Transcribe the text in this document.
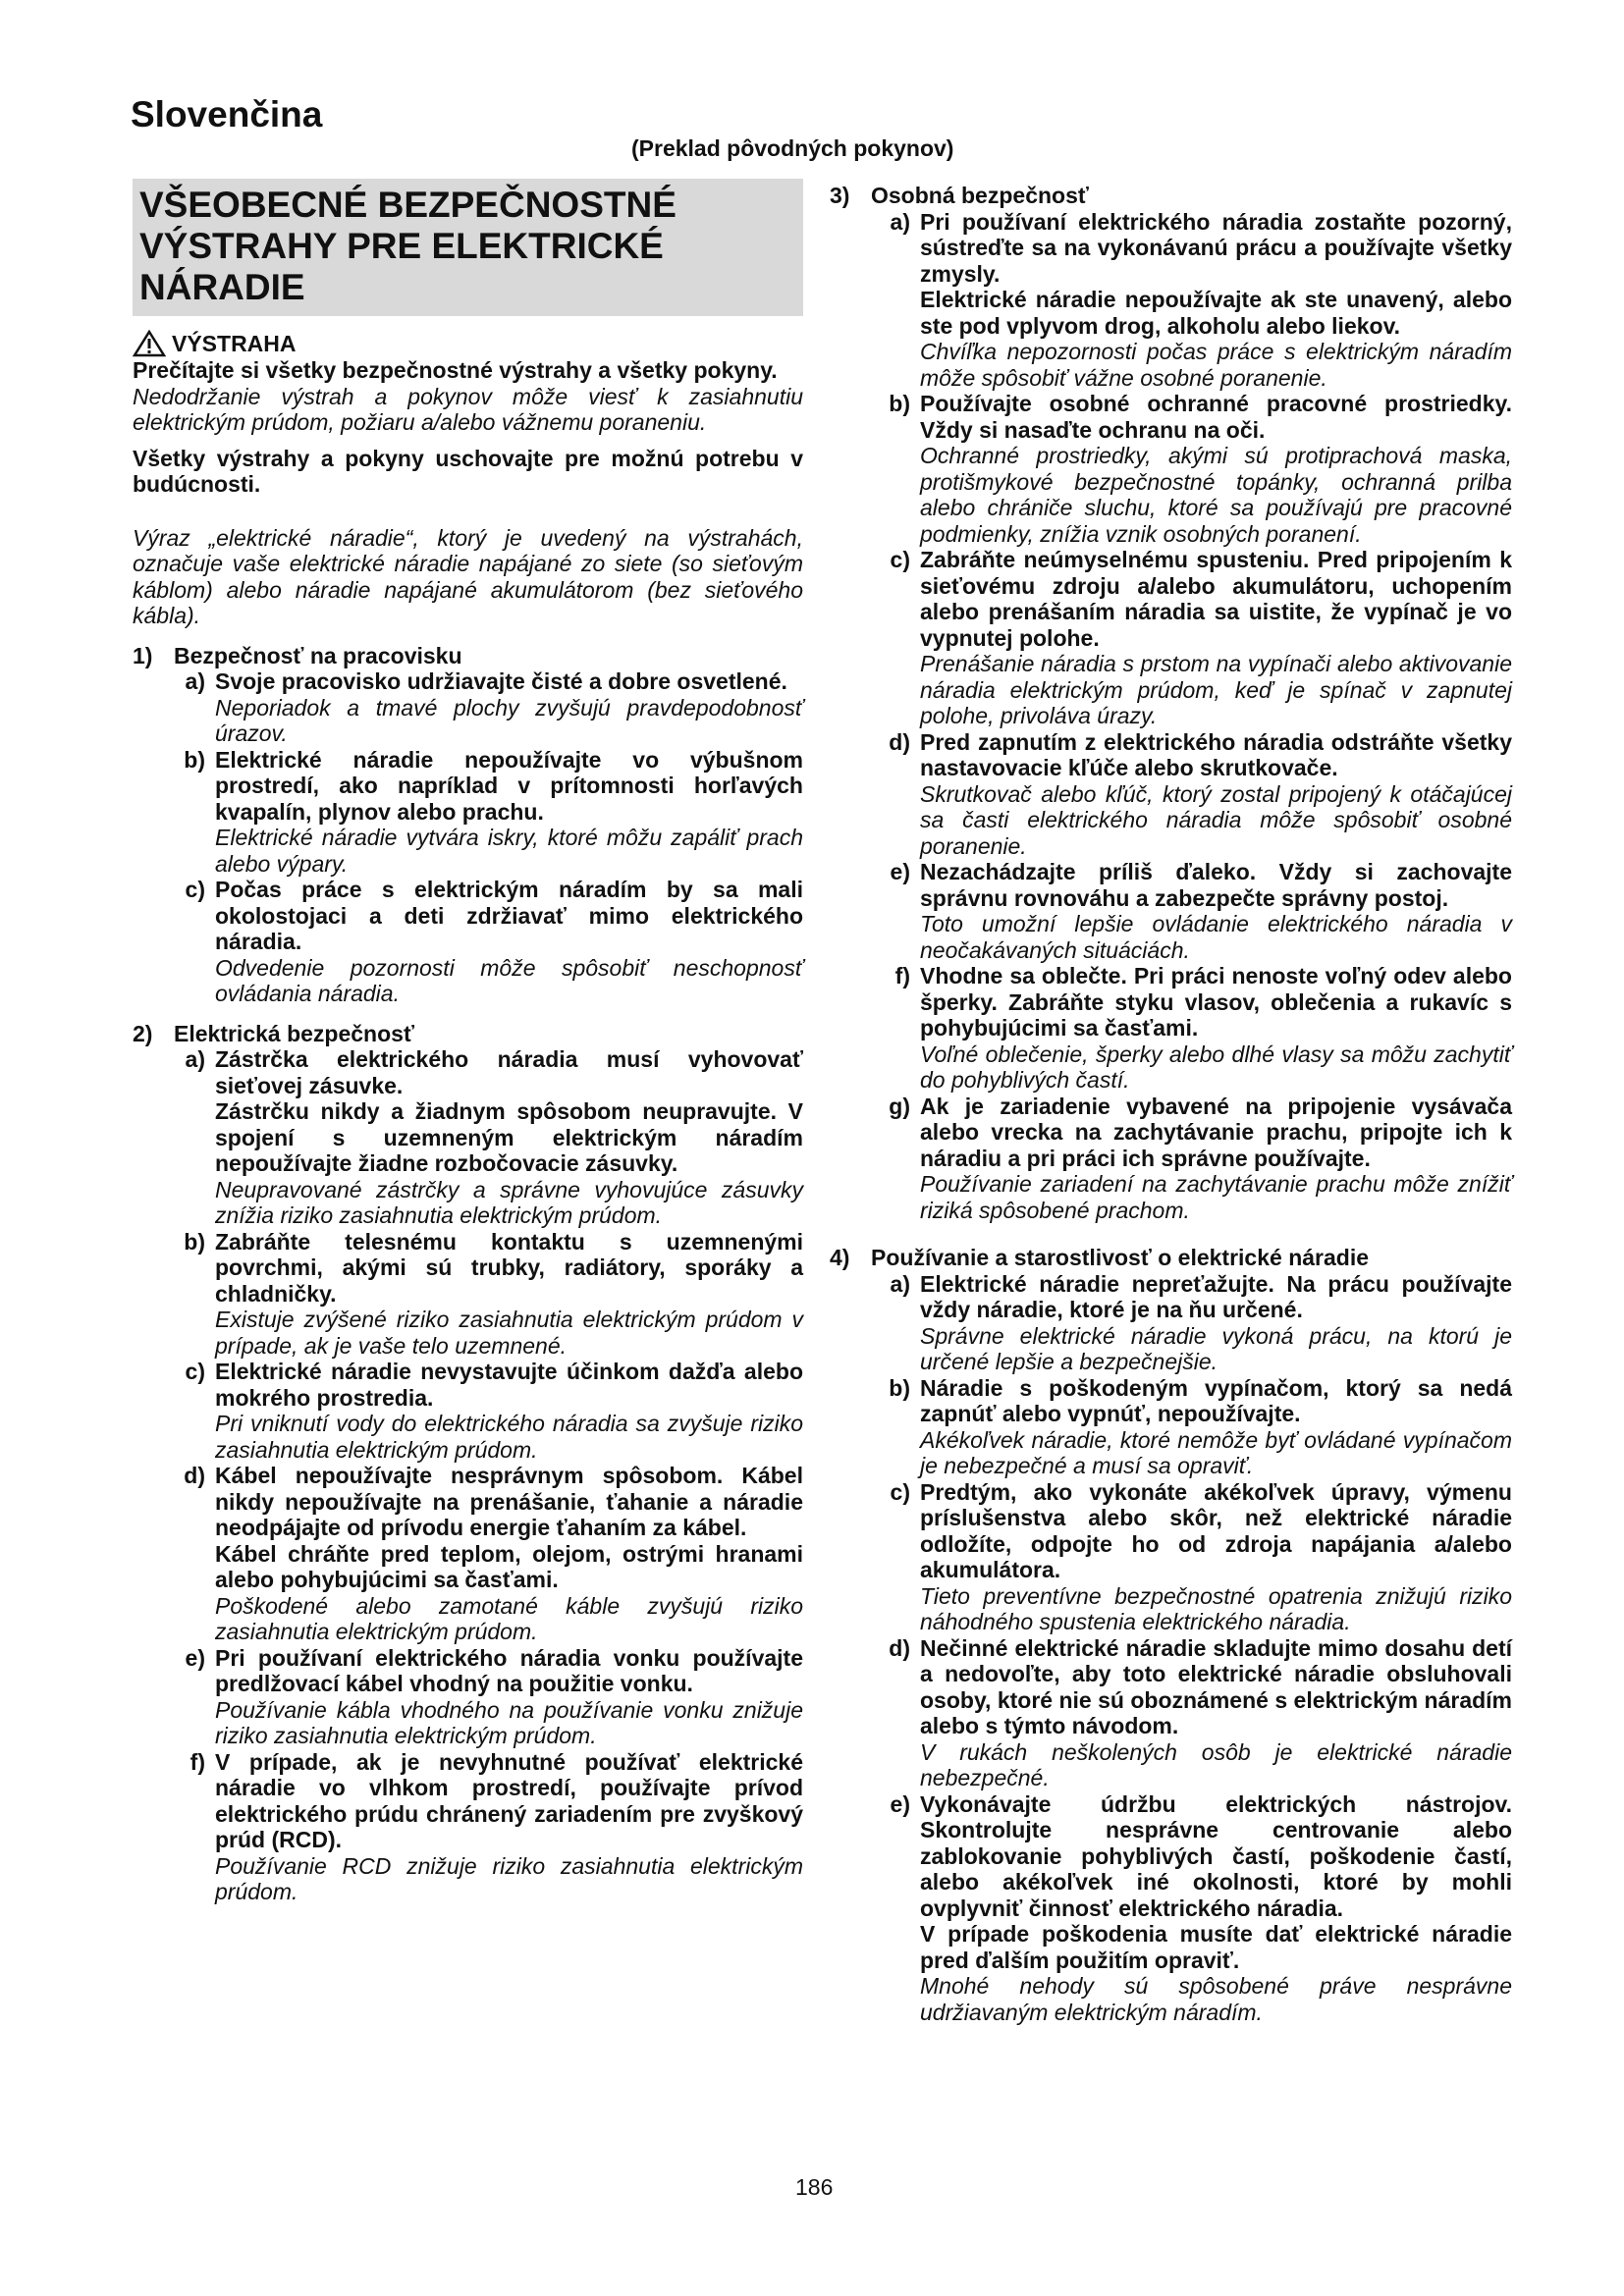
Slovenčina
(Preklad pôvodných pokynov)
VŠEOBECNÉ BEZPEČNOSTNÉ
VÝSTRAHY PRE ELEKTRICKÉ
NÁRADIE
VÝSTRAHA

Prečítajte si všetky bezpečnostné výstrahy a všetky pokyny.

Nedodržanie výstrah a pokynov môže viesť k zasiahnutiu elektrickým prúdom, požiaru a/alebo vážnemu poraneniu.

Všetky výstrahy a pokyny uschovajte pre možnú potrebu v budúcnosti.

Výraz „elektrické náradie“, ktorý je uvedený na výstrahách, označuje vaše elektrické náradie napájané zo siete (so sieťovým káblom) alebo náradie napájané akumulátorom (bez sieťového kábla).

1) Bezpečnosť na pracovisku
a) Svoje pracovisko udržiavajte čisté a dobre osvetlené.

Neporiadok a tmavé plochy zvyšujú pravdepodobnosť úrazov.

b) Elektrické náradie nepoužívajte vo výbušnom prostredí, ako napríklad v prítomnosti horľavých kvapalín, plynov alebo prachu.

Elektrické náradie vytvára iskry, ktoré môžu zapáliť prach alebo výpary.

c) Počas práce s elektrickým náradím by sa mali okolostojaci a deti zdržiavať mimo elektrického náradia.

Odvedenie pozornosti môže spôsobiť neschopnosť ovládania náradia.

2) Elektrická bezpečnosť
a) Zástrčka elektrického náradia musí vyhovovať sieťovej zásuvke.

Zástrčku nikdy a žiadnym spôsobom neupravujte. V spojení s uzemneným elektrickým náradím nepoužívajte žiadne rozbočovacie zásuvky.

Neupravované zástrčky a správne vyhovujúce zásuvky znížia riziko zasiahnutia elektrickým prúdom.

b) Zabráňte telesnému kontaktu s uzemnenými povrchmi, akými sú trubky, radiátory, sporáky a chladničky.

Existuje zvýšené riziko zasiahnutia elektrickým prúdom v prípade, ak je vaše telo uzemnené.

c) Elektrické náradie nevystavujte účinkom dažďa alebo mokrého prostredia.

Pri vniknutí vody do elektrického náradia sa zvyšuje riziko zasiahnutia elektrickým prúdom.

d) Kábel nepoužívajte nesprávnym spôsobom. Kábel nikdy nepoužívajte na prenášanie, ťahanie a náradie neodpájajte od prívodu energie ťahaním za kábel.

Kábel chráňte pred teplom, olejom, ostrými hranami alebo pohybujúcimi sa časťami.

Poškodené alebo zamotané káble zvyšujú riziko zasiahnutia elektrickým prúdom.

e) Pri používaní elektrického náradia vonku používajte predlžovací kábel vhodný na použitie vonku.

Používanie kábla vhodného na používanie vonku znižuje riziko zasiahnutia elektrickým prúdom.

f) V prípade, ak je nevyhnutné používať elektrické náradie vo vlhkom prostredí, používajte prívod elektrického prúdu chránený zariadením pre zvyškový prúd (RCD).

Používanie RCD znižuje riziko zasiahnutia elektrickým prúdom.

3) Osobná bezpečnosť
a) Pri používaní elektrického náradia zostaňte pozorný, sústreďte sa na vykonávanú prácu a používajte všetky zmysly.

Elektrické náradie nepoužívajte ak ste unavený, alebo ste pod vplyvom drog, alkoholu alebo liekov.

Chvíľka nepozornosti počas práce s elektrickým náradím môže spôsobiť vážne osobné poranenie.

b) Používajte osobné ochranné pracovné prostriedky. Vždy si nasaďte ochranu na oči.

Ochranné prostriedky, akými sú protiprachová maska, protišmykové bezpečnostné topánky, ochranná prilba alebo chrániče sluchu, ktoré sa používajú pre pracovné podmienky, znížia vznik osobných poranení.

c) Zabráňte neúmyselnému spusteniu. Pred pripojením k sieťovému zdroju a/alebo akumulátoru, uchopením alebo prenášaním náradia sa uistite, že vypínač je vo vypnutej polohe.

Prenášanie náradia s prstom na vypínači alebo aktivovanie náradia elektrickým prúdom, keď je spínač v zapnutej polohe, privoláva úrazy.

d) Pred zapnutím z elektrického náradia odstráňte všetky nastavovacie kľúče alebo skrutkovače.

Skrutkovač alebo kľúč, ktorý zostal pripojený k otáčajúcej sa časti elektrického náradia môže spôsobiť osobné poranenie.

e) Nezachádzajte príliš ďaleko. Vždy si zachovajte správnu rovnováhu a zabezpečte správny postoj.

Toto umožní lepšie ovládanie elektrického náradia v neočakávaných situáciách.

f) Vhodne sa oblečte. Pri práci nenoste voľný odev alebo šperky. Zabráňte styku vlasov, oblečenia a rukavíc s pohybujúcimi sa časťami.

Voľné oblečenie, šperky alebo dlhé vlasy sa môžu zachytiť do pohyblivých častí.

g) Ak je zariadenie vybavené na pripojenie vysávača alebo vrecka na zachytávanie prachu, pripojte ich k náradiu a pri práci ich správne používajte.

Používanie zariadení na zachytávanie prachu môže znížiť riziká spôsobené prachom.

4) Používanie a starostlivosť o elektrické náradie
a) Elektrické náradie nepreťažujte. Na prácu používajte vždy náradie, ktoré je na ňu určené.

Správne elektrické náradie vykoná prácu, na ktorú je určené lepšie a bezpečnejšie.

b) Náradie s poškodeným vypínačom, ktorý sa nedá zapnúť alebo vypnúť, nepoužívajte.

Akékoľvek náradie, ktoré nemôže byť ovládané vypínačom je nebezpečné a musí sa opraviť.

c) Predtým, ako vykonáte akékoľvek úpravy, výmenu príslušenstva alebo skôr, než elektrické náradie odložíte, odpojte ho od zdroja napájania a/alebo akumulátora.

Tieto preventívne bezpečnostné opatrenia znižujú riziko náhodného spustenia elektrického náradia.

d) Nečinné elektrické náradie skladujte mimo dosahu detí a nedovoľte, aby toto elektrické náradie obsluhovali osoby, ktoré nie sú oboznámené s elektrickým náradím alebo s týmto návodom.

V rukách neškolených osôb je elektrické náradie nebezpečné.

e) Vykonávajte údržbu elektrických nástrojov. Skontrolujte nesprávne centrovanie alebo zablokovanie pohyblivých častí, poškodenie častí, alebo akékoľvek iné okolnosti, ktoré by mohli ovplyvniť činnosť elektrického náradia.

V prípade poškodenia musíte dať elektrické náradie pred ďalším použitím opraviť.

Mnohé nehody sú spôsobené práve nesprávne udržiavaným elektrickým náradím.

186
